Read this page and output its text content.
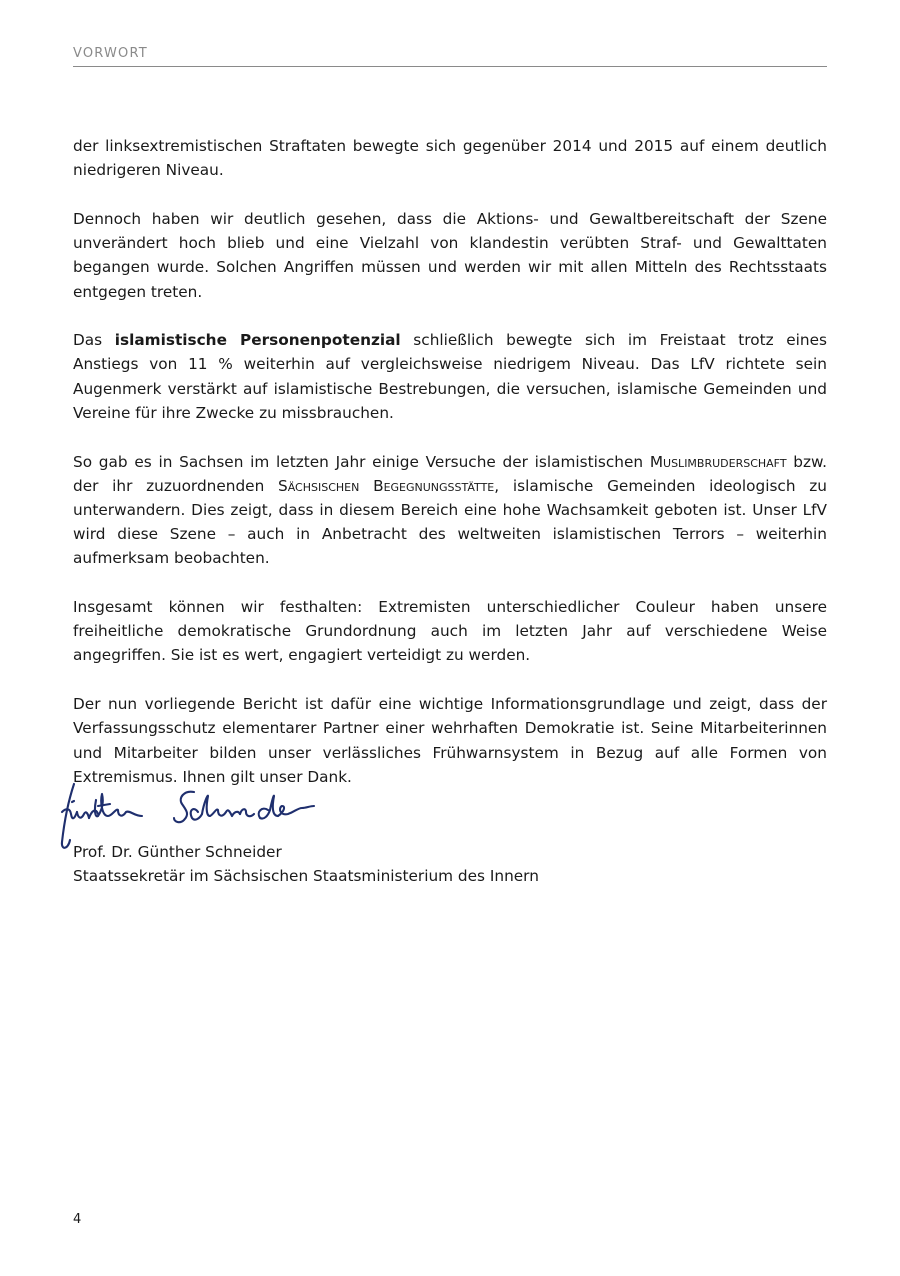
VORWORT

der linksextremistischen Straftaten bewegte sich gegenüber 2014 und 2015 auf einem deutlich niedrigeren Niveau.

Dennoch haben wir deutlich gesehen, dass die Aktions- und Gewaltbereitschaft der Szene unverändert hoch blieb und eine Vielzahl von klandestin verübten Straf- und Gewalttaten begangen wurde. Solchen Angriffen müssen und werden wir mit allen Mitteln des Rechtsstaats entgegen treten.

Das islamistische Personenpotenzial schließlich bewegte sich im Freistaat trotz eines Anstiegs von 11 % weiterhin auf vergleichsweise niedrigem Niveau. Das LfV richtete sein Augenmerk verstärkt auf islamistische Bestrebungen, die versuchen, islamische Gemeinden und Vereine für ihre Zwecke zu missbrauchen.

So gab es in Sachsen im letzten Jahr einige Versuche der islamistischen Muslimbruderschaft bzw. der ihr zuzuordnenden Sächsischen Begegnungsstätte, islamische Gemeinden ideologisch zu unterwandern. Dies zeigt, dass in diesem Bereich eine hohe Wachsamkeit geboten ist. Unser LfV wird diese Szene – auch in Anbetracht des weltweiten islamistischen Terrors – weiterhin aufmerksam beobachten.

Insgesamt können wir festhalten: Extremisten unterschiedlicher Couleur haben unsere freiheitliche demokratische Grundordnung auch im letzten Jahr auf verschiedene Weise angegriffen. Sie ist es wert, engagiert verteidigt zu werden.

Der nun vorliegende Bericht ist dafür eine wichtige Informationsgrundlage und zeigt, dass der Verfassungsschutz elementarer Partner einer wehrhaften Demokratie ist. Seine Mitarbeiterinnen und Mitarbeiter bilden unser verlässliches Frühwarnsystem in Bezug auf alle Formen von Extremismus. Ihnen gilt unser Dank.

Prof. Dr. Günther Schneider
Staatssekretär im Sächsischen Staatsministerium des Innern
4
